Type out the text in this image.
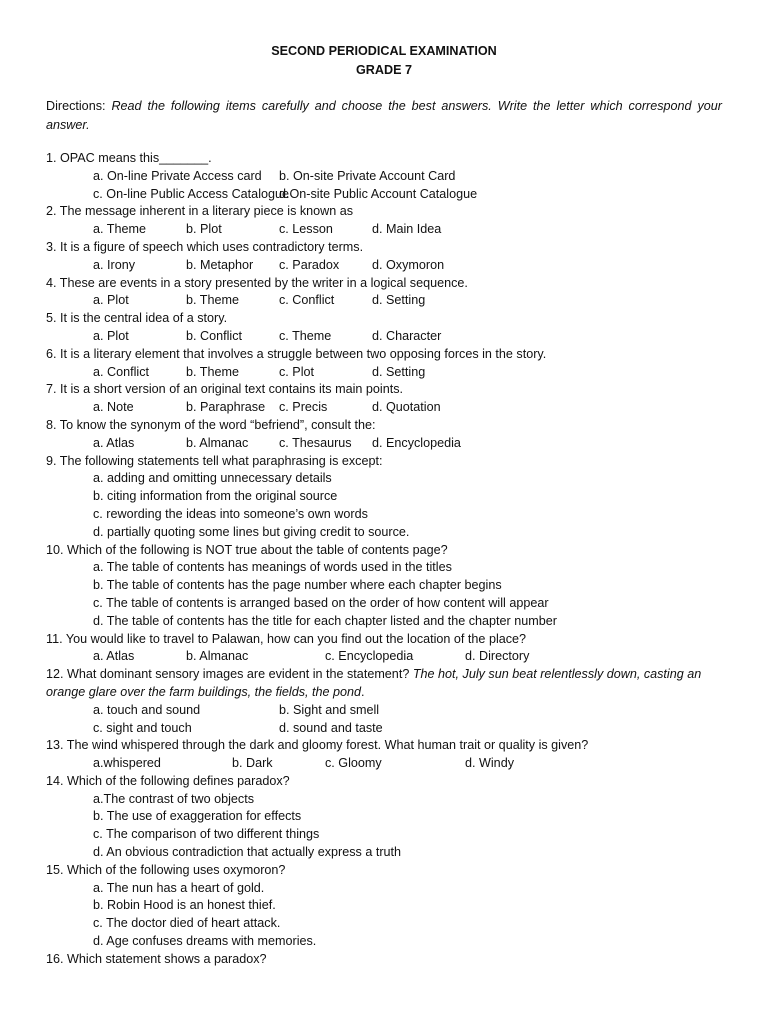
SECOND PERIODICAL EXAMINATION
GRADE 7
Directions: Read the following items carefully and choose the best answers. Write the letter which correspond your answer.
1. OPAC means this_______.
a. On-line Private Access card b. On-site Private Account Card
c. On-line Public Access Catalogue
d.On-site Public Account Catalogue
2. The message inherent in a literary piece is known as
a. Theme	b. Plot	c. Lesson	d. Main Idea
3. It is a figure of speech which uses contradictory terms.
a. Irony	b. Metaphor c. Paradox	d. Oxymoron
4. These are events in a story presented by the writer in a logical sequence.
a. Plot	b. Theme	c. Conflict	d. Setting
5. It is the central idea of a story.
a. Plot	b. Conflict	c. Theme	d. Character
6. It is a literary element that involves a struggle between two opposing forces in the story.
a. Conflict	b. Theme	c. Plot	d. Setting
7. It is a short version of an original text contains its main points.
a. Note	b. Paraphrase c. Precis	d. Quotation
8. To know the synonym of the word “befriend”, consult the:
a. Atlas	b. Almanac c. Thesaurus d. Encyclopedia
9. The following statements tell what paraphrasing is except:
a. adding and omitting unnecessary details
b. citing information from the original source
c. rewording the ideas into someone’s own words
d. partially quoting some lines but giving credit to source.
10. Which of the following is NOT true about the table of contents page?
a. The table of contents has meanings of words used in the titles
b. The table of contents has the page number where each chapter begins
c. The table of contents is arranged based on the order of how content will appear
d. The table of contents has the title for each chapter listed and the chapter number
11. You would like to travel to Palawan, how can you find out the location of the place?
a. Atlas	b. Almanac	c. Encyclopedia	d. Directory
12. What dominant sensory images are evident in the statement? The hot, July sun beat relentlessly down, casting an orange glare over the farm buildings, the fields, the pond.
a. touch and sound	b. Sight and smell
c. sight and touch	d. sound and taste
13. The wind whispered through the dark and gloomy forest. What human trait or quality is given?
a.whispered	b. Dark	c. Gloomy	d. Windy
14. Which of the following defines paradox?
a.The contrast of two objects
b. The use of exaggeration for effects
c. The comparison of two different things
d. An obvious contradiction that actually express a truth
15. Which of the following uses oxymoron?
a. The nun has a heart of gold.
b. Robin Hood is an honest thief.
c. The doctor died of heart attack.
d. Age confuses dreams with memories.
16. Which statement shows a paradox?
